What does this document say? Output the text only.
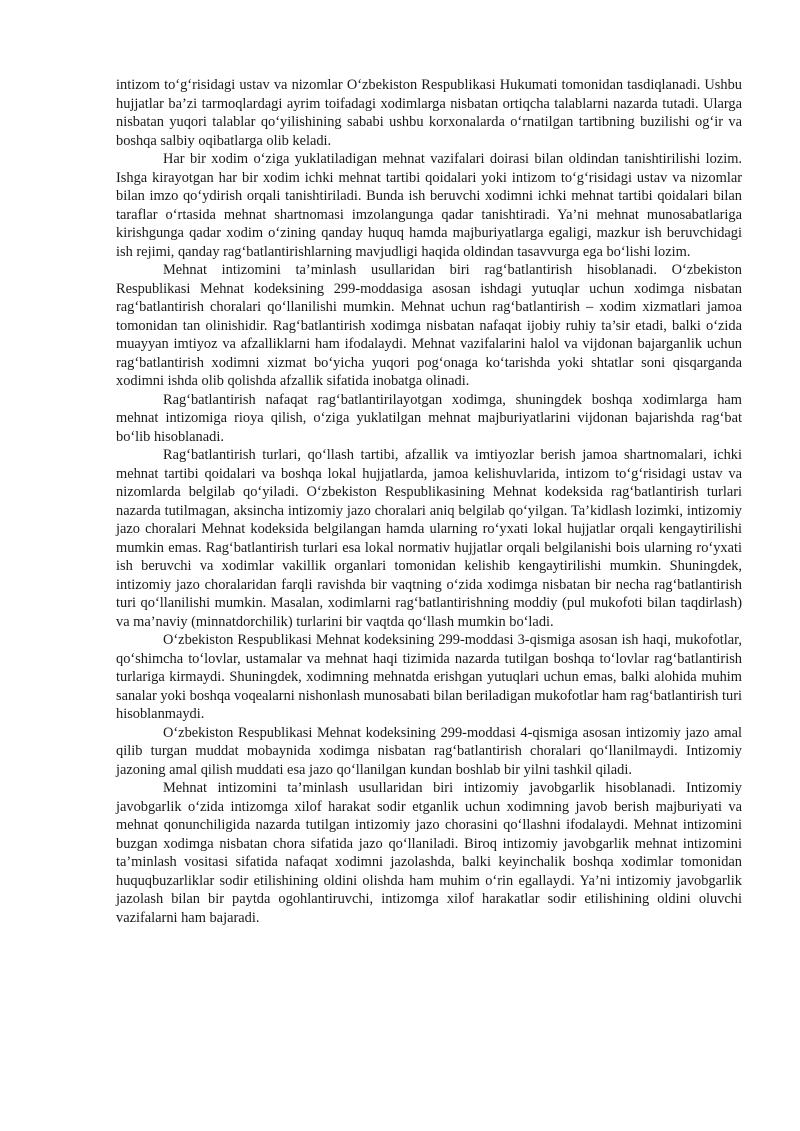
intizom to‘g‘risidagi ustav va nizomlar O‘zbekiston Respublikasi Hukumati tomonidan tasdiqlanadi. Ushbu hujjatlar ba’zi tarmoqlardagi ayrim toifadagi xodimlarga nisbatan ortiqcha talablarni nazarda tutadi. Ularga nisbatan yuqori talablar qo‘yilishining sababi ushbu korxonalarda o‘rnatilgan tartibning buzilishi og‘ir va boshqa salbiy oqibatlarga olib keladi.

Har bir xodim o‘ziga yuklatiladigan mehnat vazifalari doirasi bilan oldindan tanishtirilishi lozim. Ishga kirayotgan har bir xodim ichki mehnat tartibi qoidalari yoki intizom to‘g‘risidagi ustav va nizomlar bilan imzo qo‘ydirish orqali tanishtiriladi. Bunda ish beruvchi xodimni ichki mehnat tartibi qoidalari bilan taraflar o‘rtasida mehnat shartnomasi imzolangunga qadar tanishtiradi. Ya’ni mehnat munosabatlariga kirishgunga qadar xodim o‘zining qanday huquq hamda majburiyatlarga egaligi, mazkur ish beruvchidagi ish rejimi, qanday rag‘batlantirishlarning mavjudligi haqida oldindan tasavvurga ega bo‘lishi lozim.

Mehnat intizomini ta’minlash usullaridan biri rag‘batlantirish hisoblanadi. O‘zbekiston Respublikasi Mehnat kodeksining 299-moddasiga asosan ishdagi yutuqlar uchun xodimga nisbatan rag‘batlantirish choralari qo‘llanilishi mumkin. Mehnat uchun rag‘batlantirish – xodim xizmatlari jamoa tomonidan tan olinishidir. Rag‘batlantirish xodimga nisbatan nafaqat ijobiy ruhiy ta’sir etadi, balki o‘zida muayyan imtiyoz va afzalliklarni ham ifodalaydi. Mehnat vazifalarini halol va vijdonan bajarganlik uchun rag‘batlantirish xodimni xizmat bo‘yicha yuqori pog‘onaga ko‘tarishda yoki shtatlar soni qisqarganda xodimni ishda olib qolishda afzallik sifatida inobatga olinadi.

Rag‘batlantirish nafaqat rag‘batlantirilayotgan xodimga, shuningdek boshqa xodimlarga ham mehnat intizomiga rioya qilish, o‘ziga yuklatilgan mehnat majburiyatlarini vijdonan bajarishda rag‘bat bo‘lib hisoblanadi.

Rag‘batlantirish turlari, qo‘llash tartibi, afzallik va imtiyozlar berish jamoa shartnomalari, ichki mehnat tartibi qoidalari va boshqa lokal hujjatlarda, jamoa kelishuvlarida, intizom to‘g‘risidagi ustav va nizomlarda belgilab qo‘yiladi. O‘zbekiston Respublikasining Mehnat kodeksida rag‘batlantirish turlari nazarda tutilmagan, aksincha intizomiy jazo choralari aniq belgilab qo‘yilgan. Ta’kidlash lozimki, intizomiy jazo choralari Mehnat kodeksida belgilangan hamda ularning ro‘yxati lokal hujjatlar orqali kengaytirilishi mumkin emas. Rag‘batlantirish turlari esa lokal normativ hujjatlar orqali belgilanishi bois ularning ro‘yxati ish beruvchi va xodimlar vakillik organlari tomonidan kelishib kengaytirilishi mumkin. Shuningdek, intizomiy jazo choralaridan farqli ravishda bir vaqtning o‘zida xodimga nisbatan bir necha rag‘batlantirish turi qo‘llanilishi mumkin. Masalan, xodimlarni rag‘batlantirishning moddiy (pul mukofoti bilan taqdirlash) va ma’naviy (minnatdorchilik) turlarini bir vaqtda qo‘llash mumkin bo‘ladi.

O‘zbekiston Respublikasi Mehnat kodeksining 299-moddasi 3-qismiga asosan ish haqi, mukofotlar, qo‘shimcha to‘lovlar, ustamalar va mehnat haqi tizimida nazarda tutilgan boshqa to‘lovlar rag‘batlantirish turlariga kirmaydi. Shuningdek, xodimning mehnatda erishgan yutuqlari uchun emas, balki alohida muhim sanalar yoki boshqa voqealarni nishonlash munosabati bilan beriladigan mukofotlar ham rag‘batlantirish turi hisoblanmaydi.

O‘zbekiston Respublikasi Mehnat kodeksining 299-moddasi 4-qismiga asosan intizomiy jazo amal qilib turgan muddat mobaynida xodimga nisbatan rag‘batlantirish choralari qo‘llanilmaydi. Intizomiy jazoning amal qilish muddati esa jazo qo‘llanilgan kundan boshlab bir yilni tashkil qiladi.

Mehnat intizomini ta’minlash usullaridan biri intizomiy javobgarlik hisoblanadi. Intizomiy javobgarlik o‘zida intizomga xilof harakat sodir etganlik uchun xodimning javob berish majburiyati va mehnat qonunchiligida nazarda tutilgan intizomiy jazo chorasini qo‘llashni ifodalaydi. Mehnat intizomini buzgan xodimga nisbatan chora sifatida jazo qo‘llaniladi. Biroq intizomiy javobgarlik mehnat intizomini ta’minlash vositasi sifatida nafaqat xodimni jazolashda, balki keyinchalik boshqa xodimlar tomonidan huquqbuzarliklar sodir etilishining oldini olishda ham muhim o‘rin egallaydi. Ya’ni intizomiy javobgarlik jazolash bilan bir paytda ogohlantiruvchi, intizomga xilof harakatlar sodir etilishining oldini oluvchi vazifalarni ham bajaradi.
